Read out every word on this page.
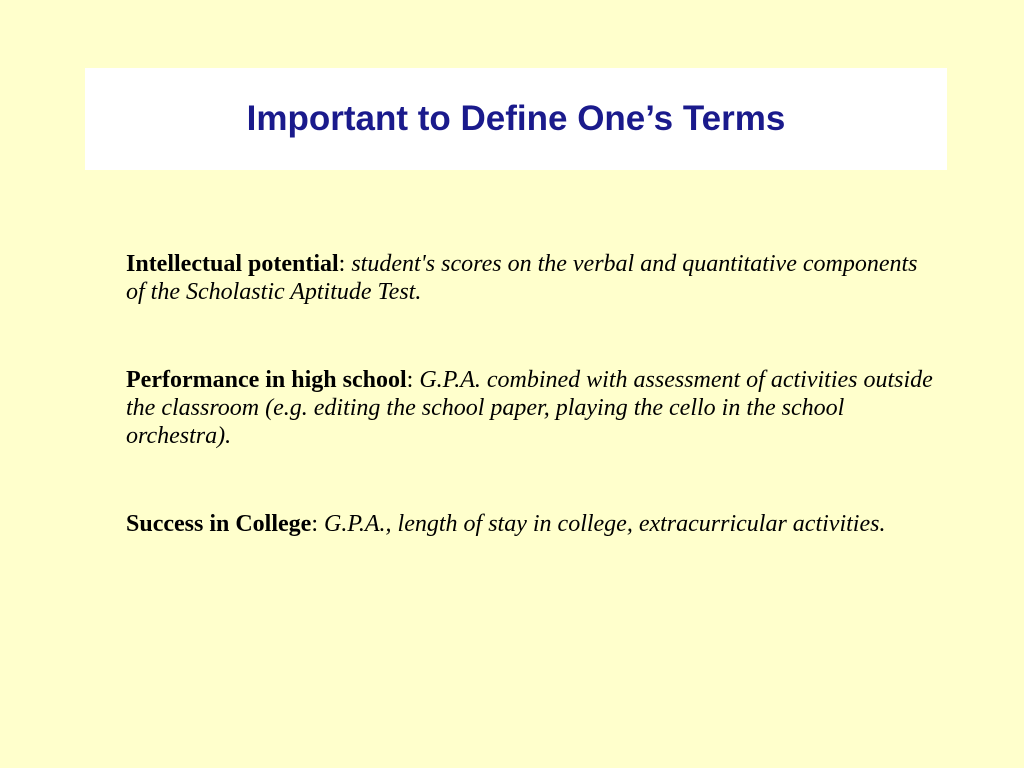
Important to Define One’s Terms

Intellectual potential: student's scores on the verbal and quantitative components of the Scholastic Aptitude Test.

Performance in high school: G.P.A. combined with assessment of activities outside the classroom (e.g. editing the school paper, playing the cello in the school orchestra).

Success in College: G.P.A., length of stay in college, extracurricular activities.
